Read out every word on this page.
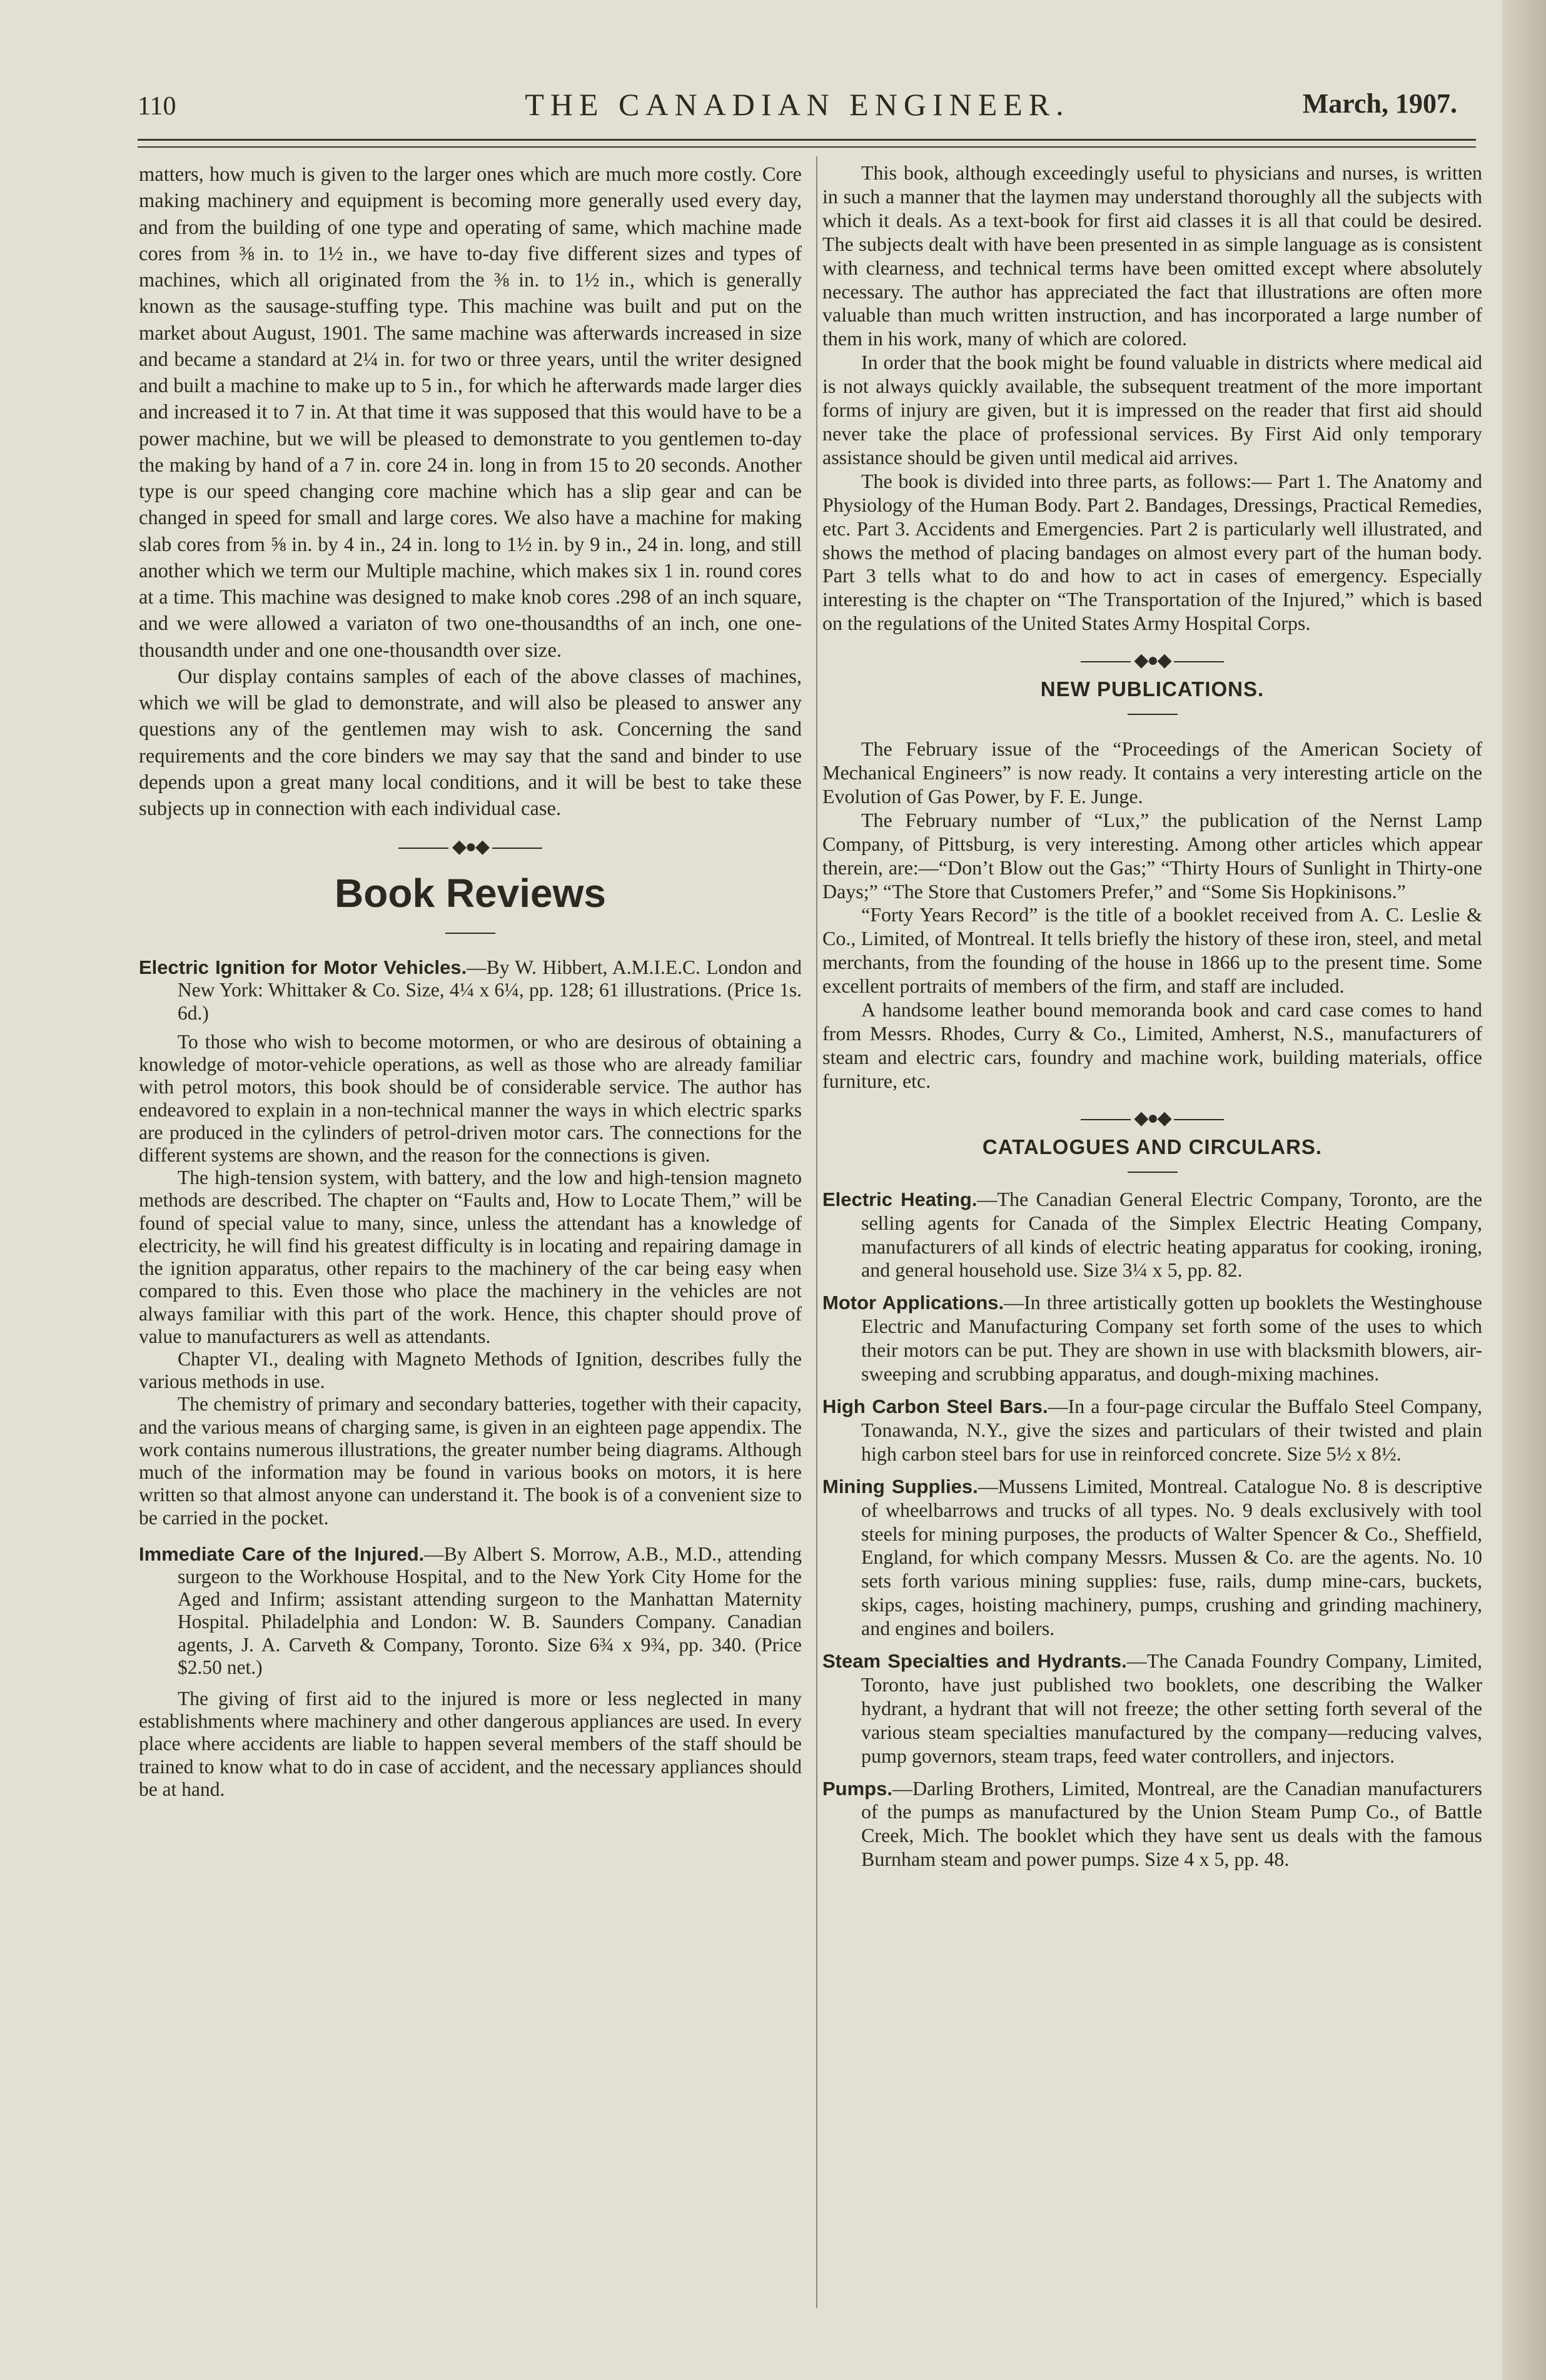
110	THE CANADIAN ENGINEER.	March, 1907.

matters, how much is given to the larger ones which are much more costly. Core making machinery and equipment is becoming more generally used every day, and from the building of one type and operating of same, which machine made cores from ⅜ in. to 1½ in., we have to-day five different sizes and types of machines, which all originated from the ⅜ in. to 1½ in., which is generally known as the sausage-stuffing type. This machine was built and put on the market about August, 1901. The same machine was afterwards increased in size and became a standard at 2¼ in. for two or three years, until the writer designed and built a machine to make up to 5 in., for which he afterwards made larger dies and increased it to 7 in. At that time it was supposed that this would have to be a power machine, but we will be pleased to demonstrate to you gentlemen to-day the making by hand of a 7 in. core 24 in. long in from 15 to 20 seconds. Another type is our speed changing core machine which has a slip gear and can be changed in speed for small and large cores. We also have a machine for making slab cores from ⅝ in. by 4 in., 24 in. long to 1½ in. by 9 in., 24 in. long, and still another which we term our Multiple machine, which makes six 1 in. round cores at a time. This machine was designed to make knob cores .298 of an inch square, and we were allowed a variaton of two one-thousandths of an inch, one one-thousandth under and one one-thousandth over size.

Our display contains samples of each of the above classes of machines, which we will be glad to demonstrate, and will also be pleased to answer any questions any of the gentlemen may wish to ask. Concerning the sand requirements and the core binders we may say that the sand and binder to use depends upon a great many local conditions, and it will be best to take these subjects up in connection with each individual case.

◆●◆
Book Reviews

Electric Ignition for Motor Vehicles.—By W. Hibbert, A.M.I.E.C. London and New York: Whittaker & Co. Size, 4¼ x 6¼, pp. 128; 61 illustrations. (Price 1s. 6d.)

To those who wish to become motormen, or who are desirous of obtaining a knowledge of motor-vehicle operations, as well as those who are already familiar with petrol motors, this book should be of considerable service. The author has endeavored to explain in a non-technical manner the ways in which electric sparks are produced in the cylinders of petrol-driven motor cars. The connections for the different systems are shown, and the reason for the connections is given.

The high-tension system, with battery, and the low and high-tension magneto methods are described. The chapter on “Faults and, How to Locate Them,” will be found of special value to many, since, unless the attendant has a knowledge of electricity, he will find his greatest difficulty is in locating and repairing damage in the ignition apparatus, other repairs to the machinery of the car being easy when compared to this. Even those who place the machinery in the vehicles are not always familiar with this part of the work. Hence, this chapter should prove of value to manufacturers as well as attendants.

Chapter VI., dealing with Magneto Methods of Ignition, describes fully the various methods in use.

The chemistry of primary and secondary batteries, together with their capacity, and the various means of charging same, is given in an eighteen page appendix. The work contains numerous illustrations, the greater number being diagrams. Although much of the information may be found in various books on motors, it is here written so that almost anyone can understand it. The book is of a convenient size to be carried in the pocket.

Immediate Care of the Injured.—By Albert S. Morrow, A.B., M.D., attending surgeon to the Workhouse Hospital, and to the New York City Home for the Aged and Infirm; assistant attending surgeon to the Manhattan Maternity Hospital. Philadelphia and London: W. B. Saunders Company. Canadian agents, J. A. Carveth & Company, Toronto. Size 6¾ x 9¾, pp. 340. (Price $2.50 net.)

The giving of first aid to the injured is more or less neglected in many establishments where machinery and other dangerous appliances are used. In every place where accidents are liable to happen several members of the staff should be trained to know what to do in case of accident, and the necessary appliances should be at hand.

This book, although exceedingly useful to physicians and nurses, is written in such a manner that the laymen may understand thoroughly all the subjects with which it deals. As a text-book for first aid classes it is all that could be desired. The subjects dealt with have been presented in as simple language as is consistent with clearness, and technical terms have been omitted except where absolutely necessary. The author has appreciated the fact that illustrations are often more valuable than much written instruction, and has incorporated a large number of them in his work, many of which are colored.

In order that the book might be found valuable in districts where medical aid is not always quickly available, the subsequent treatment of the more important forms of injury are given, but it is impressed on the reader that first aid should never take the place of professional services. By First Aid only temporary assistance should be given until medical aid arrives.

The book is divided into three parts, as follows:— Part 1. The Anatomy and Physiology of the Human Body. Part 2. Bandages, Dressings, Practical Remedies, etc. Part 3. Accidents and Emergencies. Part 2 is particularly well illustrated, and shows the method of placing bandages on almost every part of the human body. Part 3 tells what to do and how to act in cases of emergency. Especially interesting is the chapter on “The Transportation of the Injured,” which is based on the regulations of the United States Army Hospital Corps.

◆●◆
NEW PUBLICATIONS.

The February issue of the “Proceedings of the American Society of Mechanical Engineers” is now ready. It contains a very interesting article on the Evolution of Gas Power, by F. E. Junge.

The February number of “Lux,” the publication of the Nernst Lamp Company, of Pittsburg, is very interesting. Among other articles which appear therein, are:—“Don’t Blow out the Gas;” “Thirty Hours of Sunlight in Thirty-one Days;” “The Store that Customers Prefer,” and “Some Sis Hopkinisons.”

“Forty Years Record” is the title of a booklet received from A. C. Leslie & Co., Limited, of Montreal. It tells briefly the history of these iron, steel, and metal merchants, from the founding of the house in 1866 up to the present time. Some excellent portraits of members of the firm, and staff are included.

A handsome leather bound memoranda book and card case comes to hand from Messrs. Rhodes, Curry & Co., Limited, Amherst, N.S., manufacturers of steam and electric cars, foundry and machine work, building materials, office furniture, etc.

◆●◆
CATALOGUES AND CIRCULARS.

Electric Heating.—The Canadian General Electric Company, Toronto, are the selling agents for Canada of the Simplex Electric Heating Company, manufacturers of all kinds of electric heating apparatus for cooking, ironing, and general household use. Size 3¼ x 5, pp. 82.

Motor Applications.—In three artistically gotten up booklets the Westinghouse Electric and Manufacturing Company set forth some of the uses to which their motors can be put. They are shown in use with blacksmith blowers, air-sweeping and scrubbing apparatus, and dough-mixing machines.

High Carbon Steel Bars.—In a four-page circular the Buffalo Steel Company, Tonawanda, N.Y., give the sizes and particulars of their twisted and plain high carbon steel bars for use in reinforced concrete. Size 5½ x 8½.

Mining Supplies.—Mussens Limited, Montreal. Catalogue No. 8 is descriptive of wheelbarrows and trucks of all types. No. 9 deals exclusively with tool steels for mining purposes, the products of Walter Spencer & Co., Sheffield, England, for which company Messrs. Mussen & Co. are the agents. No. 10 sets forth various mining supplies: fuse, rails, dump mine-cars, buckets, skips, cages, hoisting machinery, pumps, crushing and grinding machinery, and engines and boilers.

Steam Specialties and Hydrants.—The Canada Foundry Company, Limited, Toronto, have just published two booklets, one describing the Walker hydrant, a hydrant that will not freeze; the other setting forth several of the various steam specialties manufactured by the company—reducing valves, pump governors, steam traps, feed water controllers, and injectors.

Pumps.—Darling Brothers, Limited, Montreal, are the Canadian manufacturers of the pumps as manufactured by the Union Steam Pump Co., of Battle Creek, Mich. The booklet which they have sent us deals with the famous Burnham steam and power pumps. Size 4 x 5, pp. 48.
